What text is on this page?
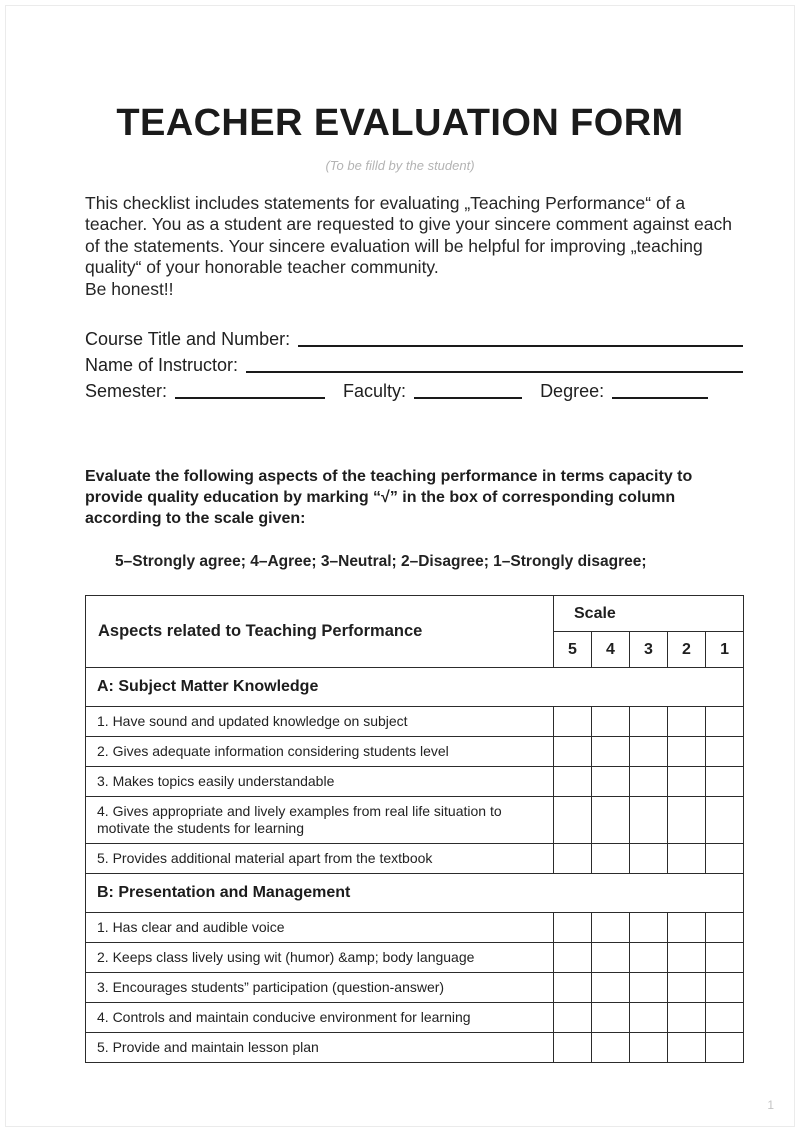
TEACHER EVALUATION FORM
(To be filld by the student)

This checklist includes statements for evaluating „Teaching Performance“ of a teacher. You as a student are requested to give your sincere comment against each of the statements. Your sincere evaluation will be helpful for improving „teaching quality“ of your honorable teacher community.
Be honest!!

Course Title and Number:
Name of Instructor:
Semester:	Faculty:	Degree:

Evaluate the following aspects of the teaching performance in terms capacity to provide quality education by marking “√” in the box of corresponding column according to the scale given:

5–Strongly agree; 4–Agree; 3–Neutral; 2–Disagree; 1–Strongly disagree;
Aspects related to Teaching Performance	Scale				
	5	4	3	2	1
A: Subject Matter Knowledge					
1. Have sound and updated knowledge on subject					
2. Gives adequate information considering students level					
3. Makes topics easily understandable					
4. Gives appropriate and lively examples from real life situation to motivate the students for learning					
5. Provides additional material apart from the textbook					
B: Presentation and Management					
1. Has clear and audible voice					
2. Keeps class lively using wit (humor) &amp; body language					
3. Encourages students” participation (question-answer)					
4. Controls and maintain conducive environment for learning					
5. Provide and maintain lesson plan					
1
